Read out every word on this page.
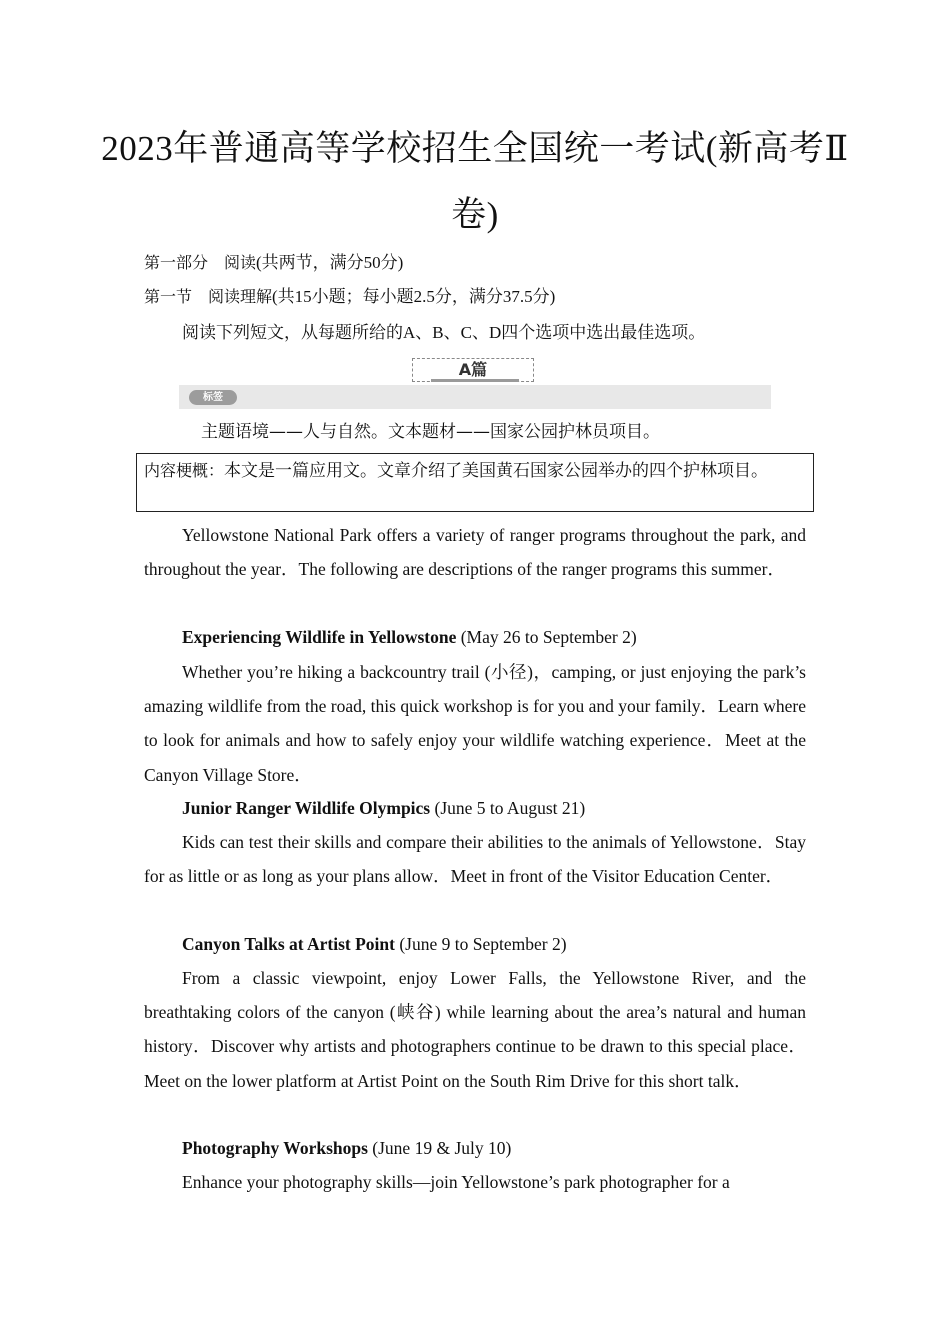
2023年普通高等学校招生全国统一考试(新高考Ⅱ卷)
第一部分　阅读(共两节，满分50分)
第一节　阅读理解(共15小题；每小题2.5分，满分37.5分)
阅读下列短文，从每题所给的A、B、C、D四个选项中选出最佳选项。
A篇
标签
主题语境——人与自然。文本题材——国家公园护林员项目。
内容梗概：本文是一篇应用文。文章介绍了美国黄石国家公园举办的四个护林项目。
Yellowstone National Park offers a variety of ranger programs throughout the park, and throughout the year．The following are descriptions of the ranger programs this summer．
Experiencing Wildlife in Yellowstone (May 26 to September 2)
Whether you’re hiking a backcountry trail (小径)，camping, or just enjoying the park’s amazing wildlife from the road, this quick workshop is for you and your family．Learn where to look for animals and how to safely enjoy your wildlife watching experience．Meet at the Canyon Village Store．
Junior Ranger Wildlife Olympics (June 5 to August 21)
Kids can test their skills and compare their abilities to the animals of Yellowstone．Stay for as little or as long as your plans allow．Meet in front of the Visitor Education Center．
Canyon Talks at Artist Point (June 9 to September 2)
From a classic viewpoint, enjoy Lower Falls, the Yellowstone River, and the breathtaking colors of the canyon (峡谷) while learning about the area’s natural and human history．Discover why artists and photographers continue to be drawn to this special place．Meet on the lower platform at Artist Point on the South Rim Drive for this short talk．
Photography Workshops (June 19 & July 10)
Enhance your photography skills—join Yellowstone’s park photographer for a
